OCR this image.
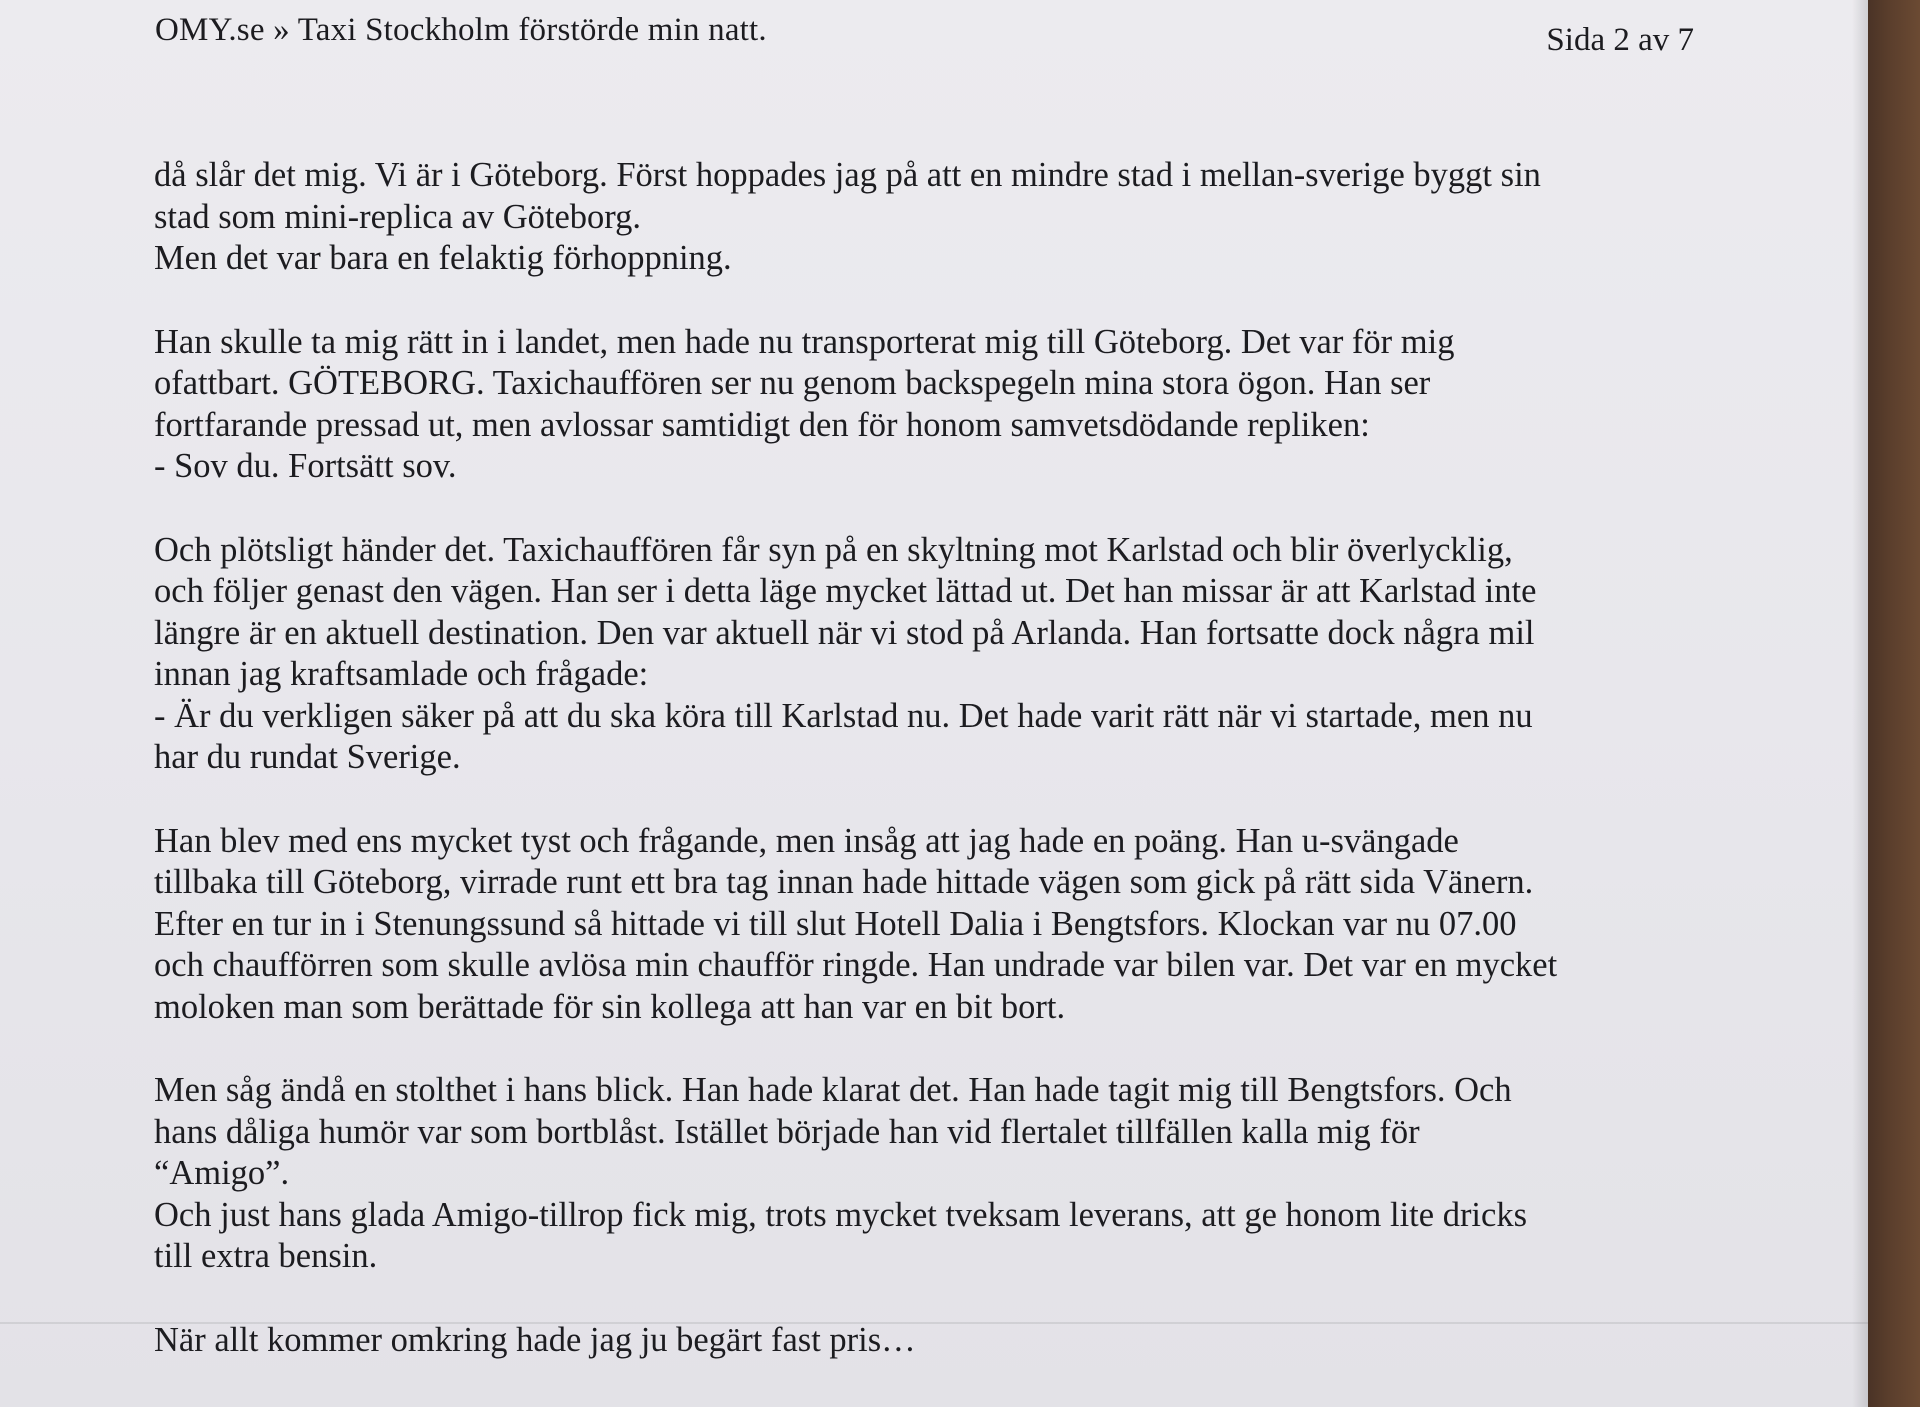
OMY.se » Taxi Stockholm förstörde min natt.	Sida 2 av 7
då slår det mig. Vi är i Göteborg. Först hoppades jag på att en mindre stad i mellan-sverige byggt sin
stad som mini-replica av Göteborg.
Men det var bara en felaktig förhoppning.
Han skulle ta mig rätt in i landet, men hade nu transporterat mig till Göteborg. Det var för mig
ofattbart. GÖTEBORG. Taxichauffören ser nu genom backspegeln mina stora ögon. Han ser
fortfarande pressad ut, men avlossar samtidigt den för honom samvetsdödande repliken:
- Sov du. Fortsätt sov.
Och plötsligt händer det. Taxichauffören får syn på en skyltning mot Karlstad och blir överlycklig,
och följer genast den vägen. Han ser i detta läge mycket lättad ut. Det han missar är att Karlstad inte
längre är en aktuell destination. Den var aktuell när vi stod på Arlanda. Han fortsatte dock några mil
innan jag kraftsamlade och frågade:
- Är du verkligen säker på att du ska köra till Karlstad nu. Det hade varit rätt när vi startade, men nu
har du rundat Sverige.
Han blev med ens mycket tyst och frågande, men insåg att jag hade en poäng. Han u-svängade
tillbaka till Göteborg, virrade runt ett bra tag innan hade hittade vägen som gick på rätt sida Vänern.
Efter en tur in i Stenungssund så hittade vi till slut Hotell Dalia i Bengtsfors. Klockan var nu 07.00
och chaufförren som skulle avlösa min chaufför ringde. Han undrade var bilen var. Det var en mycket
moloken man som berättade för sin kollega att han var en bit bort.
Men såg ändå en stolthet i hans blick. Han hade klarat det. Han hade tagit mig till Bengtsfors. Och
hans dåliga humör var som bortblåst. Istället började han vid flertalet tillfällen kalla mig för
“Amigo”.
Och just hans glada Amigo-tillrop fick mig, trots mycket tveksam leverans, att ge honom lite dricks
till extra bensin.
När allt kommer omkring hade jag ju begärt fast pris…
